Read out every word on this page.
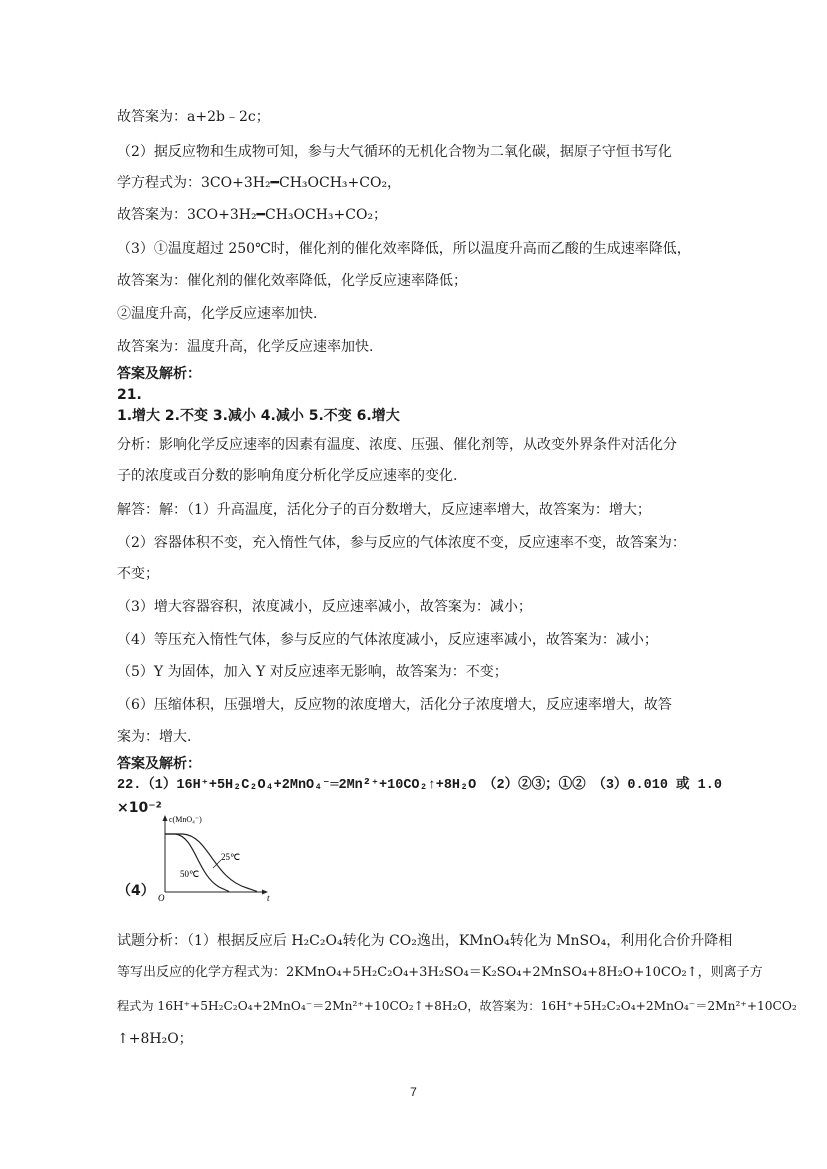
故答案为：a+2b﹣2c；
（2）据反应物和生成物可知，参与大气循环的无机化合物为二氧化碳，据原子守恒书写化
学方程式为：3CO+3H₂━CH₃OCH₃+CO₂，
故答案为：3CO+3H₂━CH₃OCH₃+CO₂；
（3）①温度超过 250℃时，催化剂的催化效率降低，所以温度升高而乙酸的生成速率降低，
故答案为：催化剂的催化效率降低，化学反应速率降低；
②温度升高，化学反应速率加快.
故答案为：温度升高，化学反应速率加快.
答案及解析：
21.
1.增大 2.不变 3.减小 4.减小 5.不变 6.增大
分析：影响化学反应速率的因素有温度、浓度、压强、催化剂等，从改变外界条件对活化分
子的浓度或百分数的影响角度分析化学反应速率的变化.
解答：解：（1）升高温度，活化分子的百分数增大，反应速率增大，故答案为：增大；
（2）容器体积不变，充入惰性气体，参与反应的气体浓度不变，反应速率不变，故答案为：
不变；
（3）增大容器容积，浓度减小，反应速率减小，故答案为：减小；
（4）等压充入惰性气体，参与反应的气体浓度减小，反应速率减小，故答案为：减小；
（5）Y 为固体，加入 Y 对反应速率无影响，故答案为：不变；
（6）压缩体积，压强增大，反应物的浓度增大，活化分子浓度增大，反应速率增大，故答
案为：增大.
答案及解析：
22.（1）16H⁺+5H₂C₂O₄+2MnO₄⁻═2Mn²⁺+10CO₂↑+8H₂O　（2）②③；①②　（3）0.010 或 1.0
×10⁻²
c(MnO₄⁻)
25℃
50℃
O	t
（4）
试题分析：（1）根据反应后 H₂C₂O₄转化为 CO₂逸出，KMnO₄转化为 MnSO₄，利用化合价升降相
等写出反应的化学方程式为：2KMnO₄+5H₂C₂O₄+3H₂SO₄＝K₂SO₄+2MnSO₄+8H₂O+10CO₂↑，则离子方
程式为 16H⁺+5H₂C₂O₄+2MnO₄⁻＝2Mn²⁺+10CO₂↑+8H₂O，故答案为：16H⁺+5H₂C₂O₄+2MnO₄⁻＝2Mn²⁺+10CO₂
↑+8H₂O；
7
